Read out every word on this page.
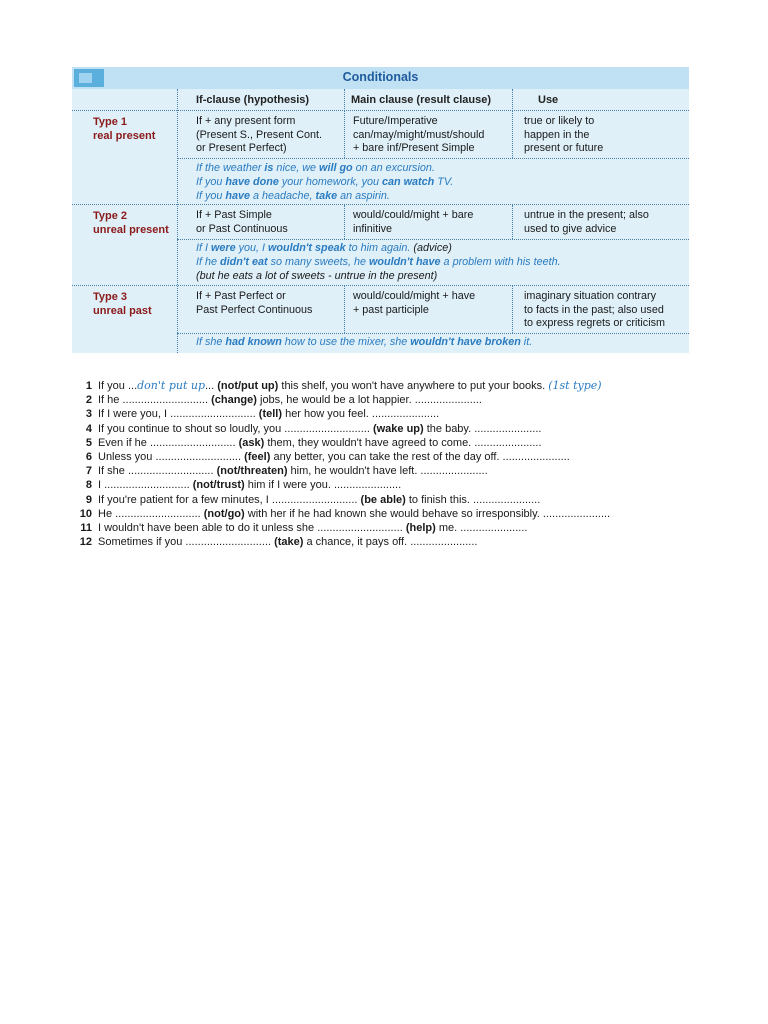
Conditionals
If-clause (hypothesis)	Main clause (result clause)	Use
Type 1
real present
If + any present form
(Present S., Present Cont.
or Present Perfect)
Future/Imperative
can/may/might/must/should
+ bare inf/Present Simple
true or likely to
happen in the
present or future
If the weather is nice, we will go on an excursion.
If you have done your homework, you can watch TV.
If you have a headache, take an aspirin.
Type 2
unreal present
If + Past Simple
or Past Continuous
would/could/might + bare
infinitive
untrue in the present; also
used to give advice
If I were you, I wouldn't speak to him again. (advice)
If he didn't eat so many sweets, he wouldn't have a problem with his teeth.
(but he eats a lot of sweets - untrue in the present)
Type 3
unreal past
If + Past Perfect or
Past Perfect Continuous
would/could/might + have
+ past participle
imaginary situation contrary
to facts in the past; also used
to express regrets or criticism
If she had known how to use the mixer, she wouldn't have broken it.
1 If you ...don't put up... (not/put up) this shelf, you won't have anywhere to put your books. (1st type)
2 If he ............................ (change) jobs, he would be a lot happier. ......................
3 If I were you, I ............................ (tell) her how you feel. ......................
4 If you continue to shout so loudly, you ............................ (wake up) the baby. ......................
5 Even if he ............................ (ask) them, they wouldn't have agreed to come. ......................
6 Unless you ............................ (feel) any better, you can take the rest of the day off. ......................
7 If she ............................ (not/threaten) him, he wouldn't have left. ......................
8 I ............................ (not/trust) him if I were you. ......................
9 If you're patient for a few minutes, I ............................ (be able) to finish this. ......................
10 He ............................ (not/go) with her if he had known she would behave so irresponsibly. ......................
11 I wouldn't have been able to do it unless she ............................ (help) me. ......................
12 Sometimes if you ............................ (take) a chance, it pays off. ......................
